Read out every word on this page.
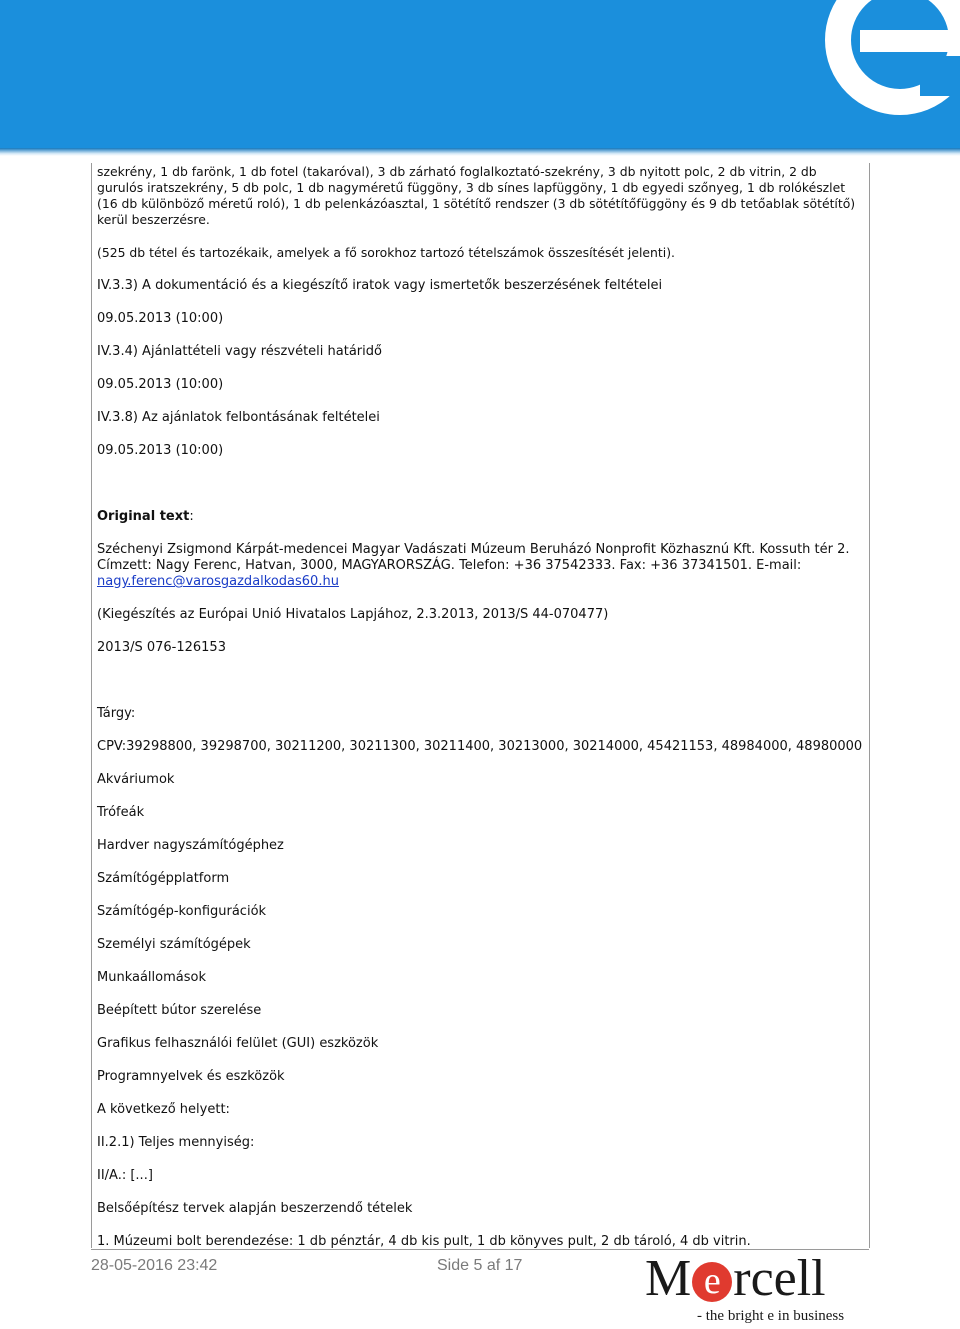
szekrény, 1 db farönk, 1 db fotel (takaróval), 3 db zárható foglalkoztató-szekrény, 3 db nyitott polc, 2 db vitrin, 2 db gurulós iratszekrény, 5 db polc, 1 db nagyméretű függöny, 3 db sínes lapfüggöny, 1 db egyedi szőnyeg, 1 db rolókészlet (16 db különböző méretű roló), 1 db pelenkázóasztal, 1 sötétítő rendszer (3 db sötétítőfüggöny és 9 db tetőablak sötétítő) kerül beszerzésre.

(525 db tétel és tartozékaik, amelyek a fő sorokhoz tartozó tételszámok összesítését jelenti).

IV.3.3) A dokumentáció és a kiegészítő iratok vagy ismertetők beszerzésének feltételei

09.05.2013 (10:00)

IV.3.4) Ajánlattételi vagy részvételi határidő

09.05.2013 (10:00)

IV.3.8) Az ajánlatok felbontásának feltételei

09.05.2013 (10:00)

Original text:

Széchenyi Zsigmond Kárpát-medencei Magyar Vadászati Múzeum Beruházó Nonprofit Közhasznú Kft. Kossuth tér 2. Címzett: Nagy Ferenc, Hatvan, 3000, MAGYARORSZÁG. Telefon: +36 37542333. Fax: +36 37341501. E-mail: nagy.ferenc@varosgazdalkodas60.hu

(Kiegészítés az Európai Unió Hivatalos Lapjához, 2.3.2013, 2013/S 44-070477)

2013/S 076-126153

Tárgy:

CPV:39298800, 39298700, 30211200, 30211300, 30211400, 30213000, 30214000, 45421153, 48984000, 48980000

Akváriumok

Trófeák

Hardver nagyszámítógéphez

Számítógépplatform

Számítógép-konfigurációk

Személyi számítógépek

Munkaállomások

Beépített bútor szerelése

Grafikus felhasználói felület (GUI) eszközök

Programnyelvek és eszközök

A következő helyett:

II.2.1) Teljes mennyiség:

II/A.: [...]

Belsőépítész tervek alapján beszerzendő tételek

1. Múzeumi bolt berendezése: 1 db pénztár, 4 db kis pult, 1 db könyves pult, 2 db tároló, 4 db vitrin.

28-05-2016 23:42	Side 5 af 17 M e rcell
- the bright e in business
